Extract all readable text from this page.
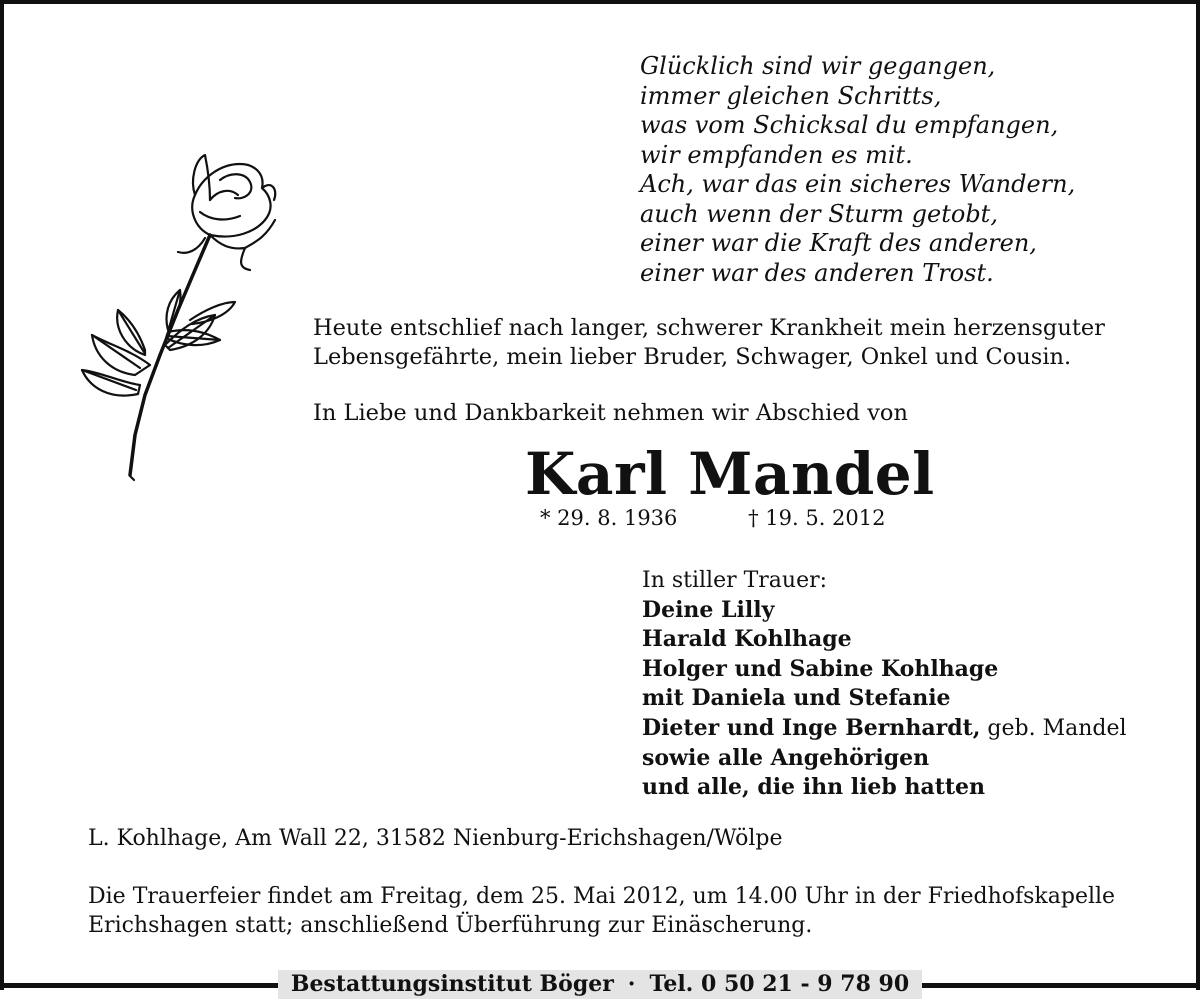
Glücklich sind wir gegangen,
immer gleichen Schritts,
was vom Schicksal du empfangen,
wir empfanden es mit.
Ach, war das ein sicheres Wandern,
auch wenn der Sturm getobt,
einer war die Kraft des anderen,
einer war des anderen Trost.

Heute entschlief nach langer, schwerer Krankheit mein herzensguter
Lebensgefährte, mein lieber Bruder, Schwager, Onkel und Cousin.

In Liebe und Dankbarkeit nehmen wir Abschied von

Karl Mandel
* 29. 8. 1936	† 19. 5. 2012
In stiller Trauer:
Deine Lilly
Harald Kohlhage
Holger und Sabine Kohlhage
mit Daniela und Stefanie
Dieter und Inge Bernhardt, geb. Mandel
sowie alle Angehörigen
und alle, die ihn lieb hatten

L. Kohlhage, Am Wall 22, 31582 Nienburg-Erichshagen/Wölpe

Die Trauerfeier findet am Freitag, dem 25. Mai 2012, um 14.00 Uhr in der Friedhofskapelle
Erichshagen statt; anschließend Überführung zur Einäscherung.

Bestattungsinstitut Böger · Tel. 0 50 21 - 9 78 90
